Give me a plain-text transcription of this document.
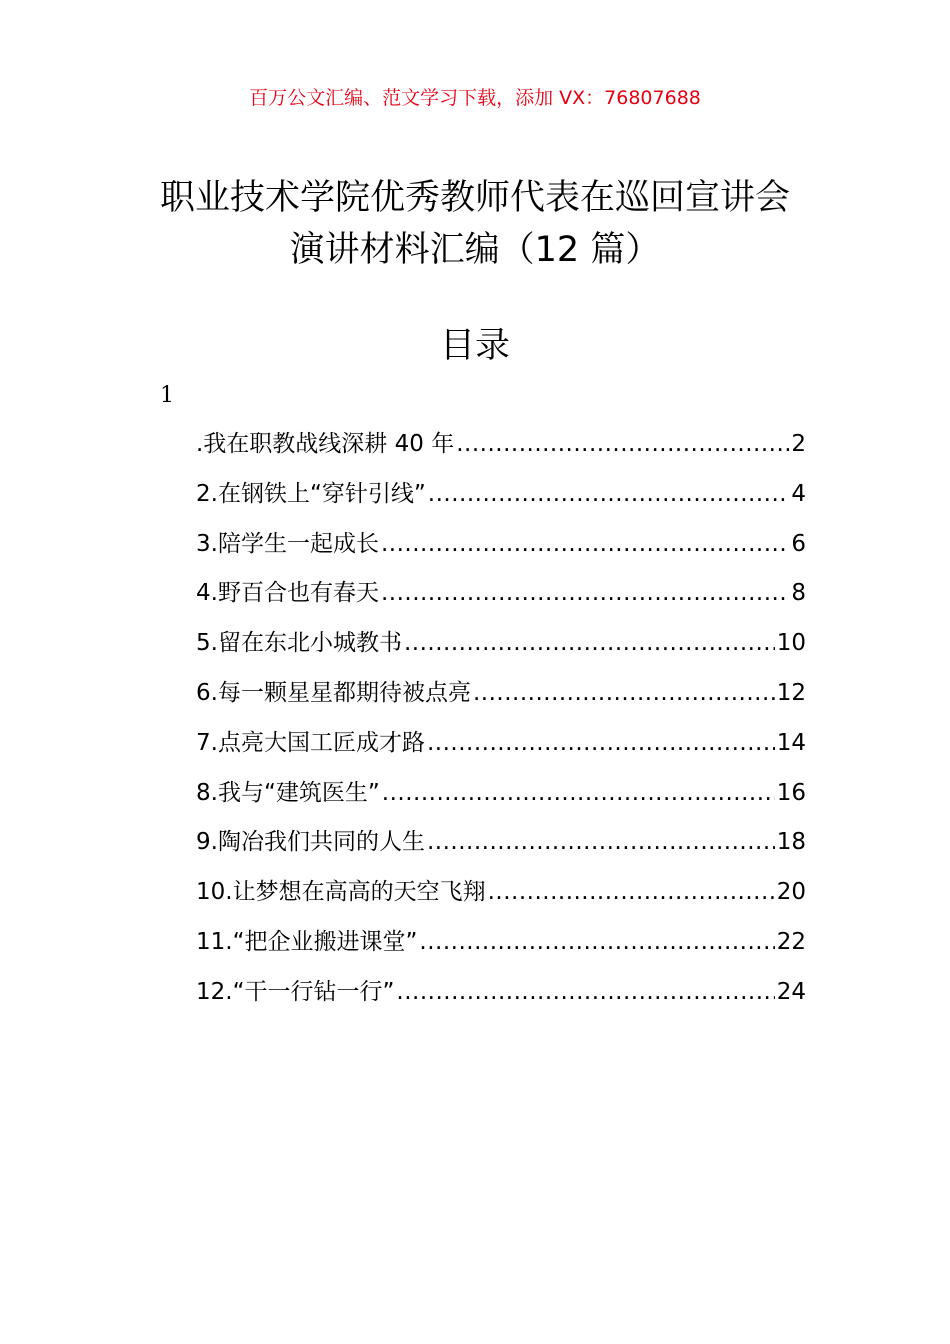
百万公文汇编、范文学习下载，添加 VX：76807688
职业技术学院优秀教师代表在巡回宣讲会
演讲材料汇编（12 篇）
目录
1
.我在职教战线深耕 40 年 .....	2
2.在钢铁上“穿针引线” .....	4
3.陪学生一起成长 .....	6
4.野百合也有春天 .....	8
5.留在东北小城教书 .....	10
6.每一颗星星都期待被点亮 .....	12
7.点亮大国工匠成才路 .....	14
8.我与“建筑医生” .....	16
9.陶冶我们共同的人生 .....	18
10.让梦想在高高的天空飞翔 .....	20
11.“把企业搬进课堂” .....	22
12.“干一行钻一行” .....	24
